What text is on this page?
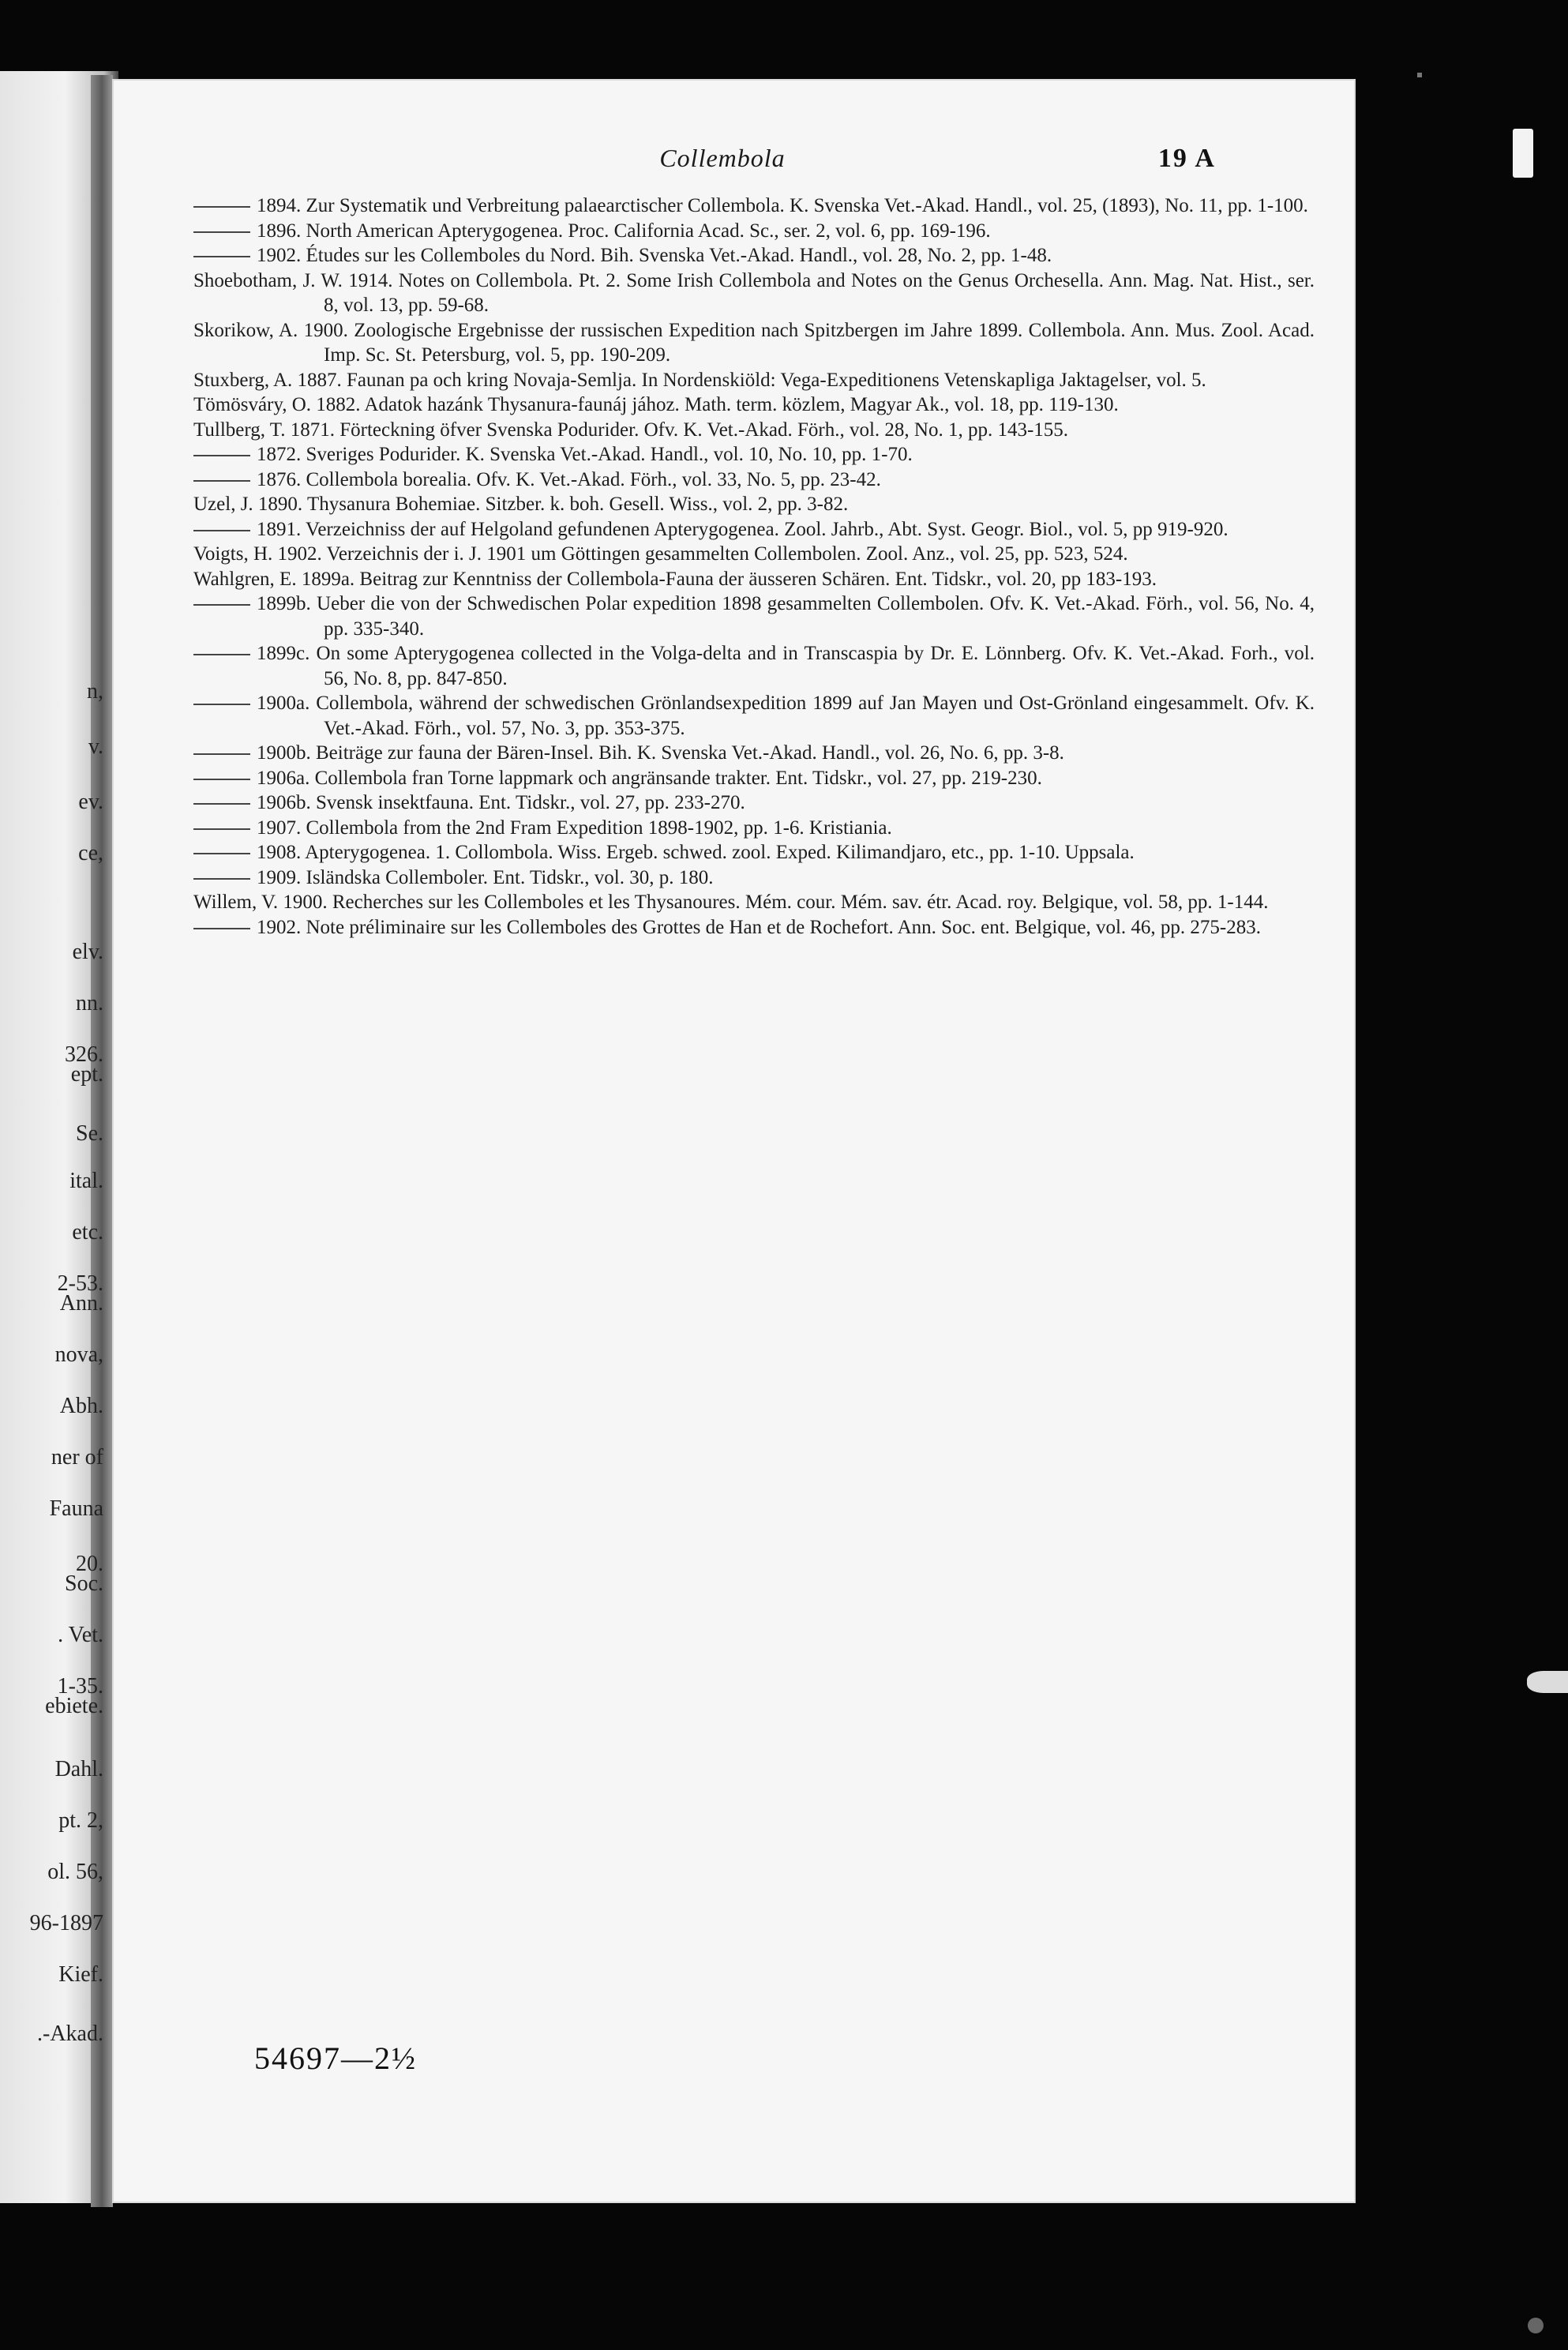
n,
v.
ev.
ce,
elv.
nn.
326.
ept.
Se.
ital.
etc.
2-53.
Ann.
nova,
Abh.
ner of
Fauna
20.
Soc.
. Vet.
1-35.
ebiete.
Dahl.
pt. 2,
ol. 56,
96-1897
Kief.
.-Akad.
Collembola	19 A
1894. Zur Systematik und Verbreitung palaearctischer Collembola. K. Svenska Vet.-Akad. Handl., vol. 25, (1893), No. 11, pp. 1-100.
1896. North American Apterygogenea. Proc. California Acad. Sc., ser. 2, vol. 6, pp. 169-196.
1902. Études sur les Collemboles du Nord. Bih. Svenska Vet.-Akad. Handl., vol. 28, No. 2, pp. 1-48.
Shoebotham, J. W. 1914. Notes on Collembola. Pt. 2. Some Irish Collembola and Notes on the Genus Orchesella. Ann. Mag. Nat. Hist., ser. 8, vol. 13, pp. 59-68.
Skorikow, A. 1900. Zoologische Ergebnisse der russischen Expedition nach Spitzbergen im Jahre 1899. Collembola. Ann. Mus. Zool. Acad. Imp. Sc. St. Petersburg, vol. 5, pp. 190-209.
Stuxberg, A. 1887. Faunan pa och kring Novaja-Semlja. In Nordenskiöld: Vega-Expeditionens Vetenskapliga Jaktagelser, vol. 5.
Tömösváry, O. 1882. Adatok hazánk Thysanura-faunáj jához. Math. term. közlem, Magyar Ak., vol. 18, pp. 119-130.
Tullberg, T. 1871. Förteckning öfver Svenska Podurider. Ofv. K. Vet.-Akad. Förh., vol. 28, No. 1, pp. 143-155.
1872. Sveriges Podurider. K. Svenska Vet.-Akad. Handl., vol. 10, No. 10, pp. 1-70.
1876. Collembola borealia. Ofv. K. Vet.-Akad. Förh., vol. 33, No. 5, pp. 23-42.
Uzel, J. 1890. Thysanura Bohemiae. Sitzber. k. boh. Gesell. Wiss., vol. 2, pp. 3-82.
1891. Verzeichniss der auf Helgoland gefundenen Apterygogenea. Zool. Jahrb., Abt. Syst. Geogr. Biol., vol. 5, pp 919-920.
Voigts, H. 1902. Verzeichnis der i. J. 1901 um Göttingen gesammelten Collembolen. Zool. Anz., vol. 25, pp. 523, 524.
Wahlgren, E. 1899a. Beitrag zur Kenntniss der Collembola-Fauna der äusseren Schären. Ent. Tidskr., vol. 20, pp 183-193.
1899b. Ueber die von der Schwedischen Polar expedition 1898 gesammelten Collembolen. Ofv. K. Vet.-Akad. Förh., vol. 56, No. 4, pp. 335-340.
1899c. On some Apterygogenea collected in the Volga-delta and in Transcaspia by Dr. E. Lönnberg. Ofv. K. Vet.-Akad. Forh., vol. 56, No. 8, pp. 847-850.
1900a. Collembola, während der schwedischen Grönlandsexpedition 1899 auf Jan Mayen und Ost-Grönland eingesammelt. Ofv. K. Vet.-Akad. Förh., vol. 57, No. 3, pp. 353-375.
1900b. Beiträge zur fauna der Bären-Insel. Bih. K. Svenska Vet.-Akad. Handl., vol. 26, No. 6, pp. 3-8.
1906a. Collembola fran Torne lappmark och angränsande trakter. Ent. Tidskr., vol. 27, pp. 219-230.
1906b. Svensk insektfauna. Ent. Tidskr., vol. 27, pp. 233-270.
1907. Collembola from the 2nd Fram Expedition 1898-1902, pp. 1-6. Kristiania.
1908. Apterygogenea. 1. Collombola. Wiss. Ergeb. schwed. zool. Exped. Kilimandjaro, etc., pp. 1-10. Uppsala.
1909. Isländska Collemboler. Ent. Tidskr., vol. 30, p. 180.
Willem, V. 1900. Recherches sur les Collemboles et les Thysanoures. Mém. cour. Mém. sav. étr. Acad. roy. Belgique, vol. 58, pp. 1-144.
1902. Note préliminaire sur les Collemboles des Grottes de Han et de Rochefort. Ann. Soc. ent. Belgique, vol. 46, pp. 275-283.
54697—2½
